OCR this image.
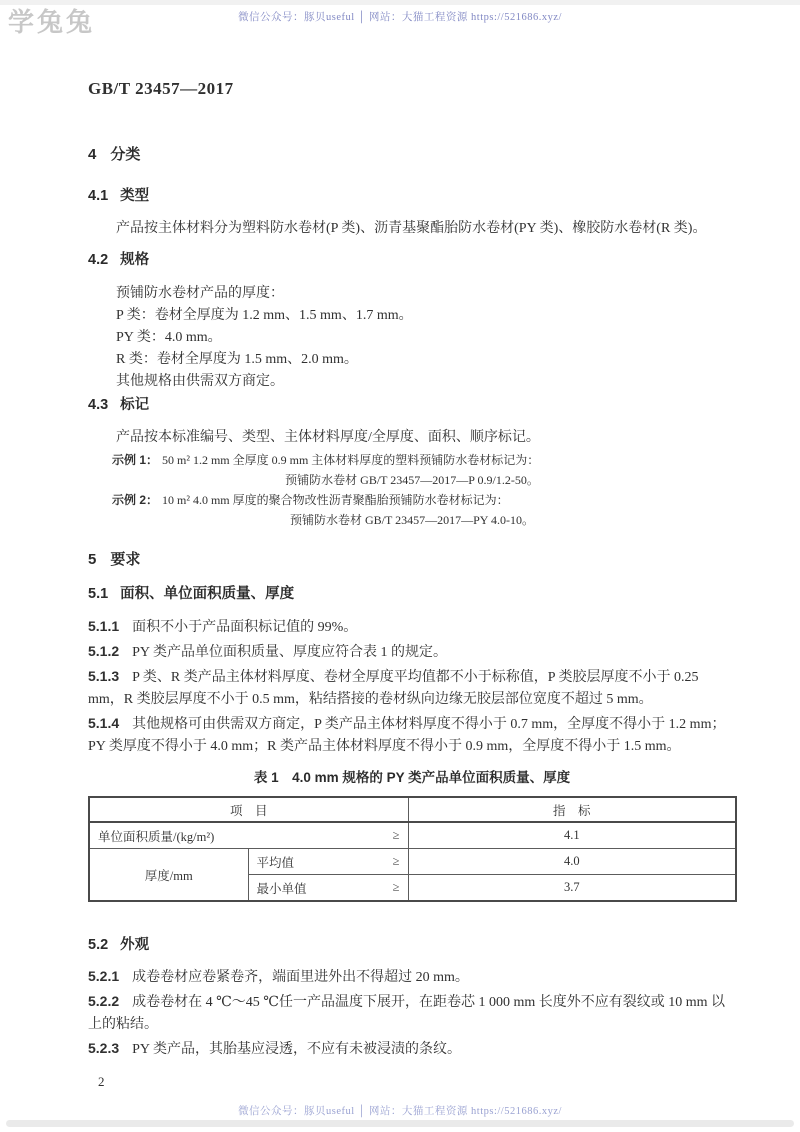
学兔兔	微信公众号：豚贝useful │ 网站：大猫工程资源 https://521686.xyz/
GB/T 23457—2017
4 分类
4.1 类型

产品按主体材料分为塑料防水卷材(P 类)、沥青基聚酯胎防水卷材(PY 类)、橡胶防水卷材(R 类)。

4.2 规格

预铺防水卷材产品的厚度：

P 类：卷材全厚度为 1.2 mm、1.5 mm、1.7 mm。

PY 类：4.0 mm。

R 类：卷材全厚度为 1.5 mm、2.0 mm。

其他规格由供需双方商定。

4.3 标记

产品按本标准编号、类型、主体材料厚度/全厚度、面积、顺序标记。

示例 1： 50 m² 1.2 mm 全厚度 0.9 mm 主体材料厚度的塑料预铺防水卷材标记为：

预铺防水卷材 GB/T 23457—2017—P 0.9/1.2-50。

示例 2： 10 m² 4.0 mm 厚度的聚合物改性沥青聚酯胎预铺防水卷材标记为：

预铺防水卷材 GB/T 23457—2017—PY 4.0-10。

5 要求
5.1 面积、单位面积质量、厚度

5.1.1 面积不小于产品面积标记值的 99%。

5.1.2 PY 类产品单位面积质量、厚度应符合表 1 的规定。

5.1.3 P 类、R 类产品主体材料厚度、卷材全厚度平均值都不小于标称值，P 类胶层厚度不小于 0.25 mm，R 类胶层厚度不小于 0.5 mm，粘结搭接的卷材纵向边缘无胶层部位宽度不超过 5 mm。

5.1.4 其他规格可由供需双方商定，P 类产品主体材料厚度不得小于 0.7 mm，全厚度不得小于 1.2 mm；PY 类厚度不得小于 4.0 mm；R 类产品主体材料厚度不得小于 0.9 mm，全厚度不得小于 1.5 mm。

表 1　4.0 mm 规格的 PY 类产品单位面积质量、厚度
项　目		指　标

单位面积质量/(kg/m²) ≥		4.1
厚度/mm	平均值 ≥	4.0

	最小单值 ≥	3.7
5.2 外观

5.2.1 成卷卷材应卷紧卷齐，端面里进外出不得超过 20 mm。

5.2.2 成卷卷材在 4 ℃～45 ℃任一产品温度下展开，在距卷芯 1 000 mm 长度外不应有裂纹或 10 mm 以上的粘结。

5.2.3 PY 类产品，其胎基应浸透，不应有未被浸渍的条纹。

2

微信公众号：豚贝useful │ 网站：大猫工程资源 https://521686.xyz/
